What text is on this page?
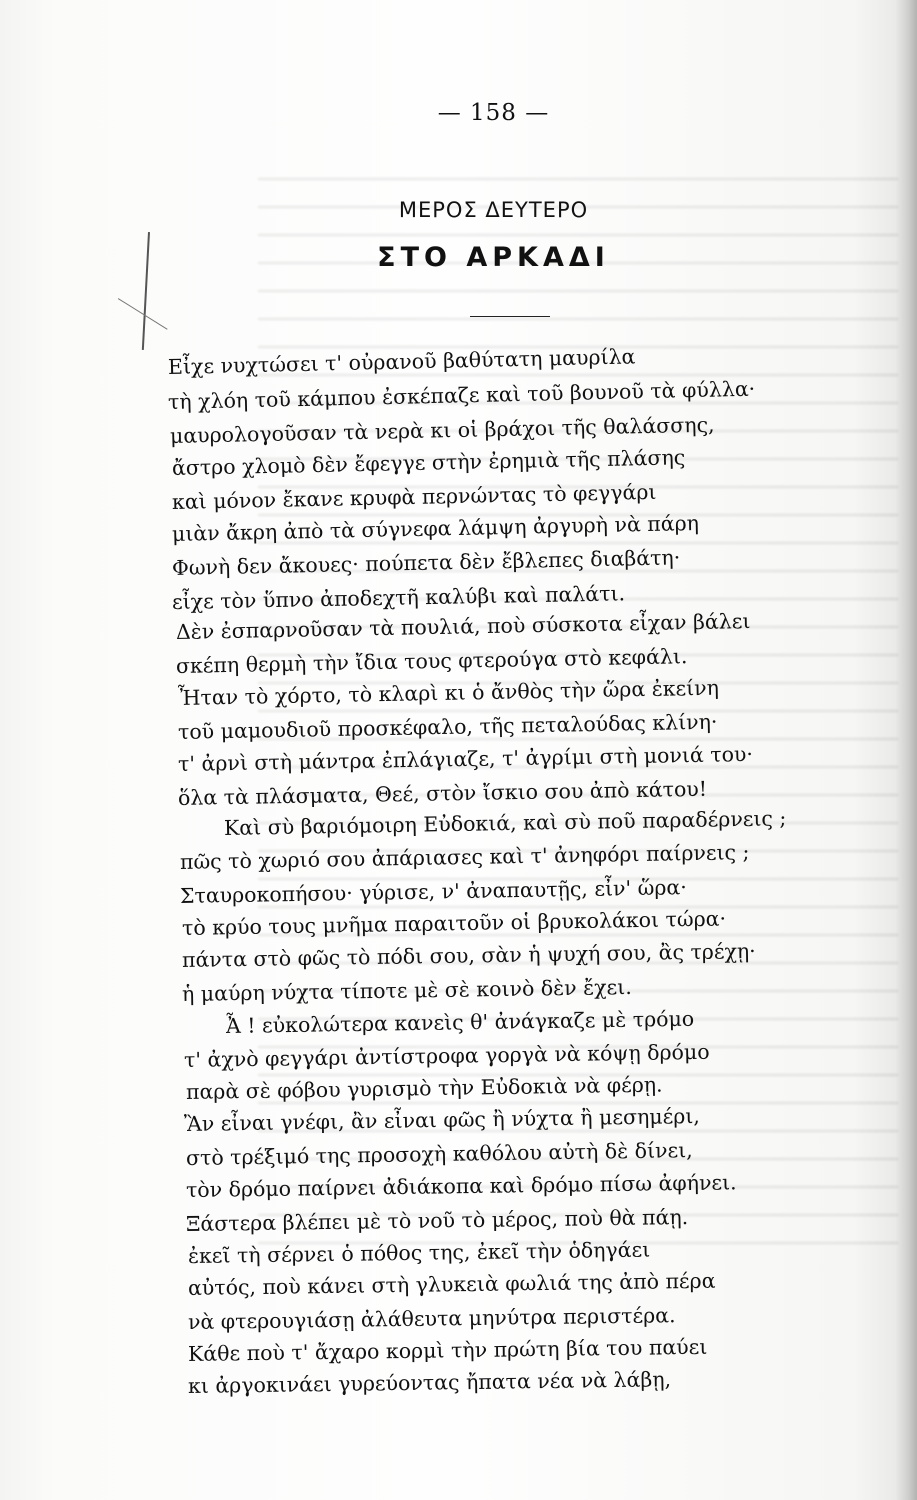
— 158 —
ΜΕΡΟΣ ΔΕΥΤΕΡΟ
ΣΤΟ ΑΡΚΑΔΙ
Εἶχε νυχτώσει τ' οὐρανοῦ βαθύτατη μαυρίλα
τὴ χλόη τοῦ κάμπου ἐσκέπαζε καὶ τοῦ βουνοῦ τὰ φύλλα·
μαυρολογοῦσαν τὰ νερὰ κι οἱ βράχοι τῆς θαλάσσης,
ἄστρο χλομὸ δὲν ἔφεγγε στὴν ἐρημιὰ τῆς πλάσης
καὶ μόνον ἔκανε κρυφὰ περνώντας τὸ φεγγάρι
μιὰν ἄκρη ἀπὸ τὰ σύγνεφα λάμψη ἀργυρὴ νὰ πάρη
Φωνὴ δεν ἄκουες· πούπετα δὲν ἔβλεπες διαβάτη·
εἶχε τὸν ὕπνο ἀποδεχτῆ καλύβι καὶ παλάτι.
Δὲν ἐσπαρνοῦσαν τὰ πουλιά, ποὺ σύσκοτα εἶχαν βάλει
σκέπη θερμὴ τὴν ἴδια τους φτερούγα στὸ κεφάλι.
Ἦταν τὸ χόρτο, τὸ κλαρὶ κι ὁ ἄνθὸς τὴν ὥρα ἐκείνη
τοῦ μαμουδιοῦ προσκέφαλο, τῆς πεταλούδας κλίνη·
τ' ἀρνὶ στὴ μάντρα ἐπλάγιαζε, τ' ἀγρίμι στὴ μονιά του·
ὅλα τὰ πλάσματα, Θεέ, στὸν ἴσκιο σου ἀπὸ κάτου!
Καὶ σὺ βαριόμοιρη Εὐδοκιά, καὶ σὺ ποῦ παραδέρνεις ;
πῶς τὸ χωριό σου ἀπάριασες καὶ τ' ἀνηφόρι παίρνεις ;
Σταυροκοπήσου· γύρισε, ν' ἀναπαυτῇς, εἶν' ὥρα·
τὸ κρύο τους μνῆμα παραιτοῦν οἱ βρυκολάκοι τώρα·
πάντα στὸ φῶς τὸ πόδι σου, σὰν ἡ ψυχή σου, ἂς τρέχῃ·
ἡ μαύρη νύχτα τίποτε μὲ σὲ κοινὸ δὲν ἔχει.
Ἆ ! εὐκολώτερα κανεὶς θ' ἀνάγκαζε μὲ τρόμο
τ' ἀχνὸ φεγγάρι ἀντίστροφα γοργὰ νὰ κόψῃ δρόμο
παρὰ σὲ φόβου γυρισμὸ τὴν Εὐδοκιὰ νὰ φέρῃ.
Ἂν εἶναι γνέφι, ἂν εἶναι φῶς ἢ νύχτα ἢ μεσημέρι,
στὸ τρέξιμό της προσοχὴ καθόλου αὐτὴ δὲ δίνει,
τὸν δρόμο παίρνει ἀδιάκοπα καὶ δρόμο πίσω ἀφήνει.
Ξάστερα βλέπει μὲ τὸ νοῦ τὸ μέρος, ποὺ θὰ πάῃ.
ἐκεῖ τὴ σέρνει ὁ πόθος της, ἐκεῖ τὴν ὁδηγάει
αὐτός, ποὺ κάνει στὴ γλυκειὰ φωλιά της ἀπὸ πέρα
νὰ φτερουγιάσῃ ἀλάθευτα μηνύτρα περιστέρα.
Κάθε ποὺ τ' ἄχαρο κορμὶ τὴν πρώτη βία του παύει
κι ἀργοκινάει γυρεύοντας ἤπατα νέα νὰ λάβῃ,
